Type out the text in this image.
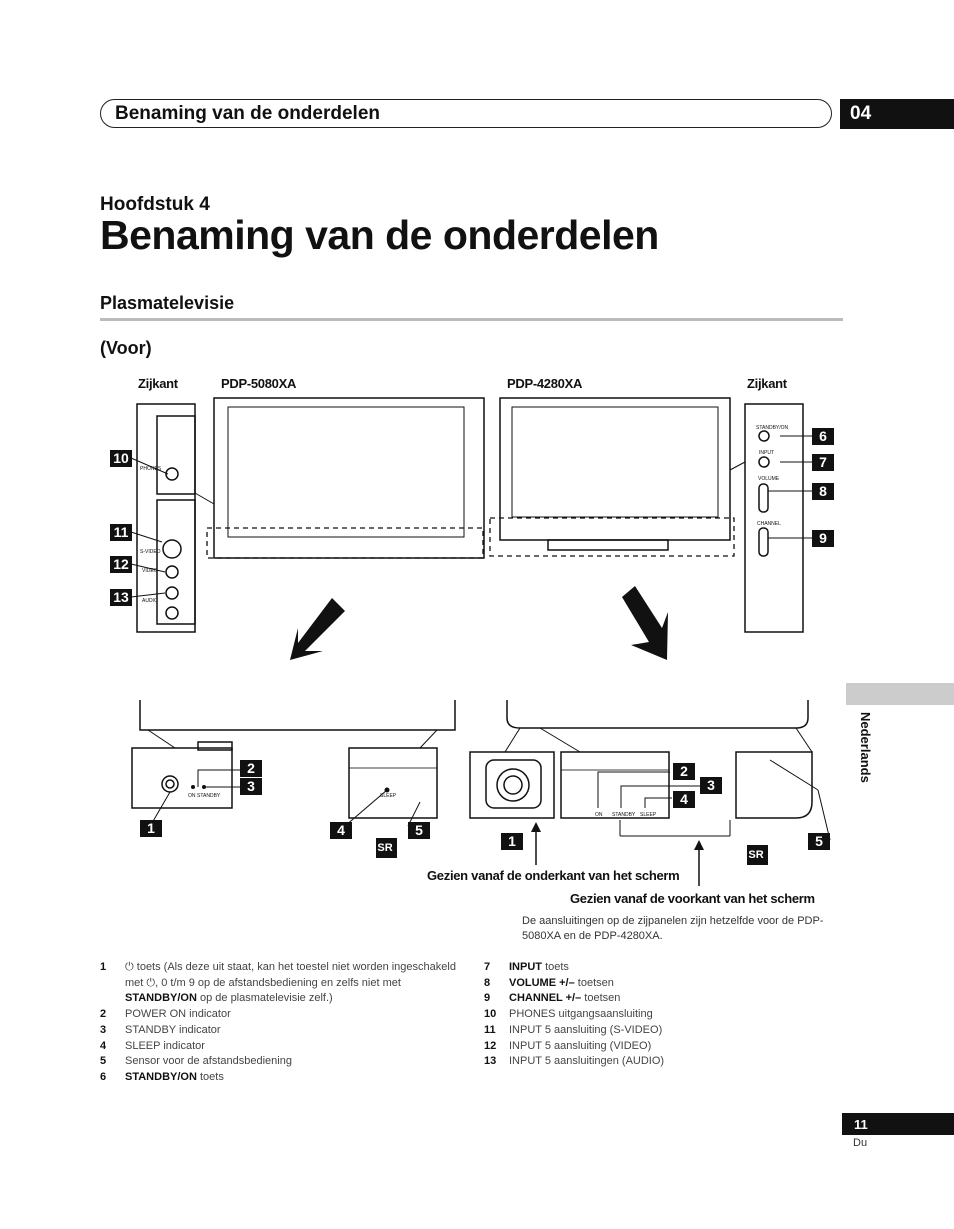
Benaming van de onderdelen	04
Hoofdstuk 4
Benaming van de onderdelen
Plasmatelevisie
(Voor)
Zijkant	PDP-5080XA	PDP-4280XA	Zijkant
PHONES
S-VIDEO
VIDEO
AUDIO
STANDBY/ON
INPUT
VOLUME
CHANNEL
ON STANDBY	SLEEP
ON STANDBY SLEEP
10
11
12
13
6
7
8
9
2
3
1	4	5
SR
2
3
4
1	5
SR
Gezien vanaf de onderkant van het scherm
Gezien vanaf de voorkant van het scherm
De aansluitingen op de zijpanelen zijn hetzelfde voor de PDP-5080XA en de PDP-4280XA.
Nederlands
1	⏻ toets (Als deze uit staat, kan het toestel niet worden ingeschakeld met ⏻, 0 t/m 9 op de afstandsbediening en zelfs niet met STANDBY/ON op de plasmatelevisie zelf.)
2	POWER ON indicator
3	STANDBY indicator
4	SLEEP indicator
5	Sensor voor de afstandsbediening
6	STANDBY/ON toets
7	INPUT toets
8	VOLUME +/– toetsen
9	CHANNEL +/– toetsen
10	PHONES uitgangsaansluiting
11	INPUT 5 aansluiting (S-VIDEO)
12	INPUT 5 aansluiting (VIDEO)
13	INPUT 5 aansluitingen (AUDIO)
11
Du
